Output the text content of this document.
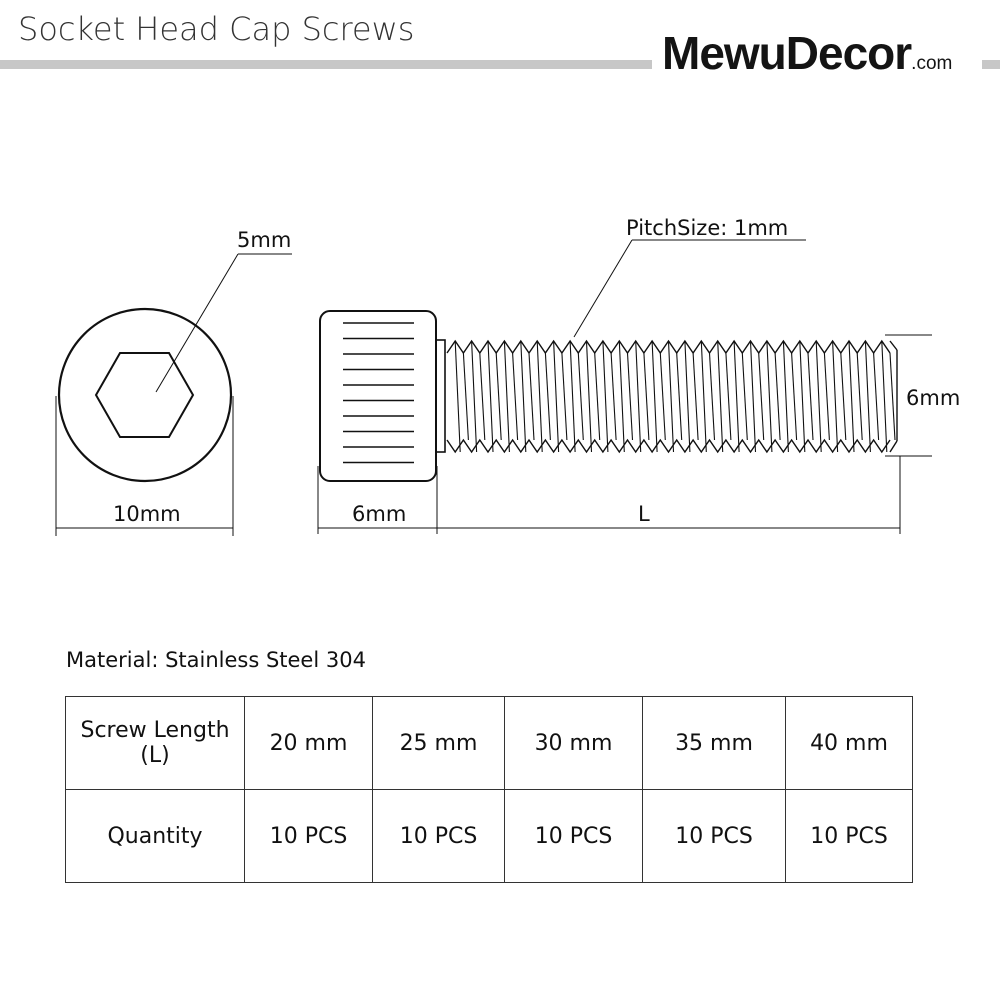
Socket Head Cap Screws	MewuDecor.com
5mm
10mm
PitchSize: 1mm
6mm
6mm	L
Material: Stainless Steel 304
Screw Length
(L)	20 mm	25 mm	30 mm	35 mm	40 mm

Quantity	10 PCS	10 PCS	10 PCS	10 PCS	10 PCS
